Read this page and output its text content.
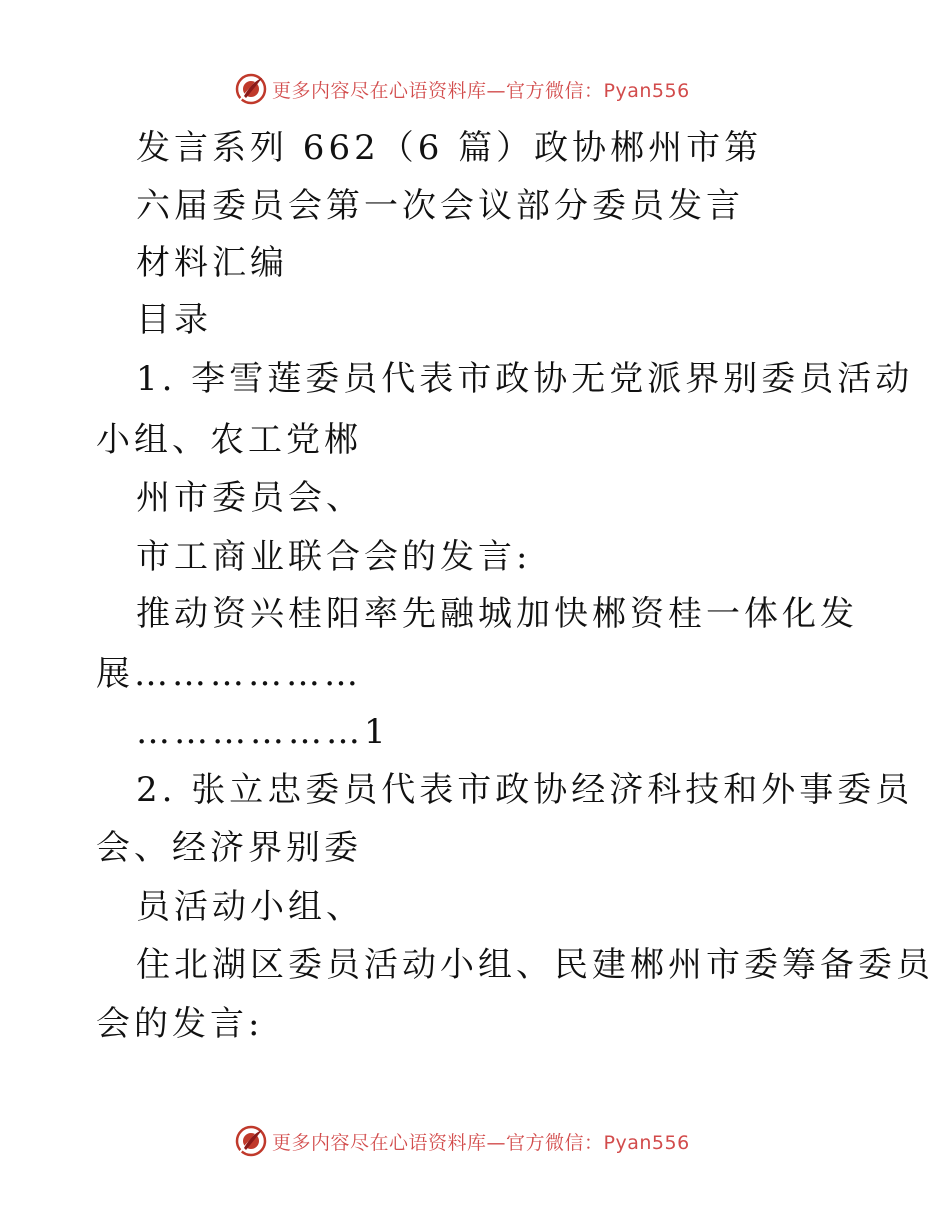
更多内容尽在心语资料库—官方微信：Pyan556
发言系列 662（6 篇）政协郴州市第
六届委员会第一次会议部分委员发言
材料汇编
目录
1. 李雪莲委员代表市政协无党派界别委员活动
小组、农工党郴
州市委员会、
市工商业联合会的发言:
推动资兴桂阳率先融城加快郴资桂一体化发
展………………
………………1
2. 张立忠委员代表市政协经济科技和外事委员
会、经济界别委
员活动小组、
住北湖区委员活动小组、民建郴州市委筹备委员
会的发言:
更多内容尽在心语资料库—官方微信：Pyan556
